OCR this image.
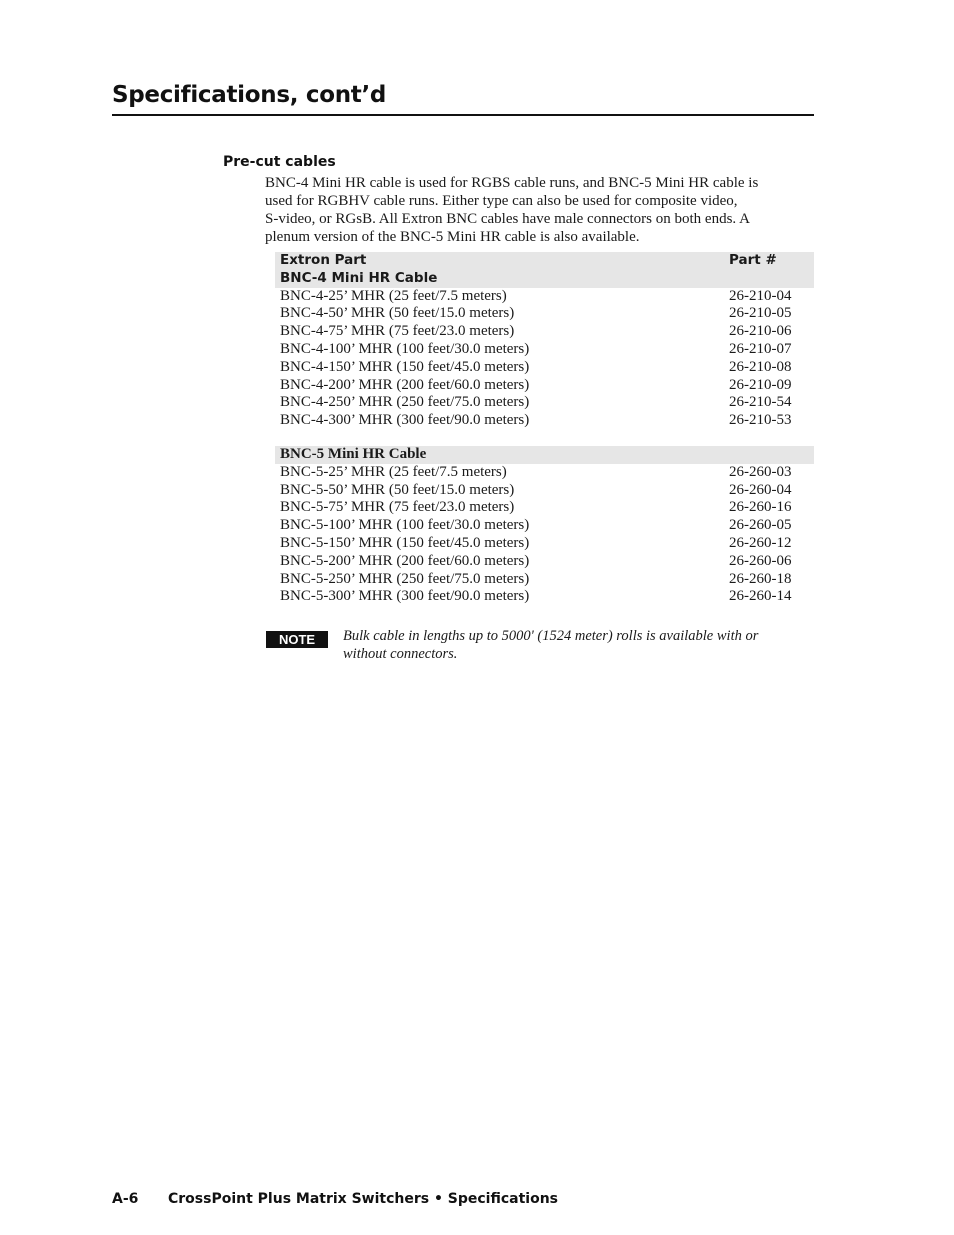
Specifications, cont’d
Pre-cut cables

BNC-4 Mini HR cable is used for RGBS cable runs, and BNC-5 Mini HR cable is
used for RGBHV cable runs. Either type can also be used for composite video,
S-video, or RGsB. All Extron BNC cables have male connectors on both ends. A
plenum version of the BNC-5 Mini HR cable is also available.

Extron Part	Part #
BNC-4 Mini HR Cable
BNC-4-25’ MHR (25 feet/7.5 meters)	26-210-04
BNC-4-50’ MHR (50 feet/15.0 meters)	26-210-05
BNC-4-75’ MHR (75 feet/23.0 meters)	26-210-06
BNC-4-100’ MHR (100 feet/30.0 meters)	26-210-07
BNC-4-150’ MHR (150 feet/45.0 meters)	26-210-08
BNC-4-200’ MHR (200 feet/60.0 meters)	26-210-09
BNC-4-250’ MHR (250 feet/75.0 meters)	26-210-54
BNC-4-300’ MHR (300 feet/90.0 meters)	26-210-53
BNC-5 Mini HR Cable
BNC-5-25’ MHR (25 feet/7.5 meters)	26-260-03
BNC-5-50’ MHR (50 feet/15.0 meters)	26-260-04
BNC-5-75’ MHR (75 feet/23.0 meters)	26-260-16
BNC-5-100’ MHR (100 feet/30.0 meters)	26-260-05
BNC-5-150’ MHR (150 feet/45.0 meters)	26-260-12
BNC-5-200’ MHR (200 feet/60.0 meters)	26-260-06
BNC-5-250’ MHR (250 feet/75.0 meters)	26-260-18
BNC-5-300’ MHR (300 feet/90.0 meters)	26-260-14
NOTE	Bulk cable in lengths up to 5000' (1524 meter) rolls is available with or
without connectors.

A-6 CrossPoint Plus Matrix Switchers • Specifications
